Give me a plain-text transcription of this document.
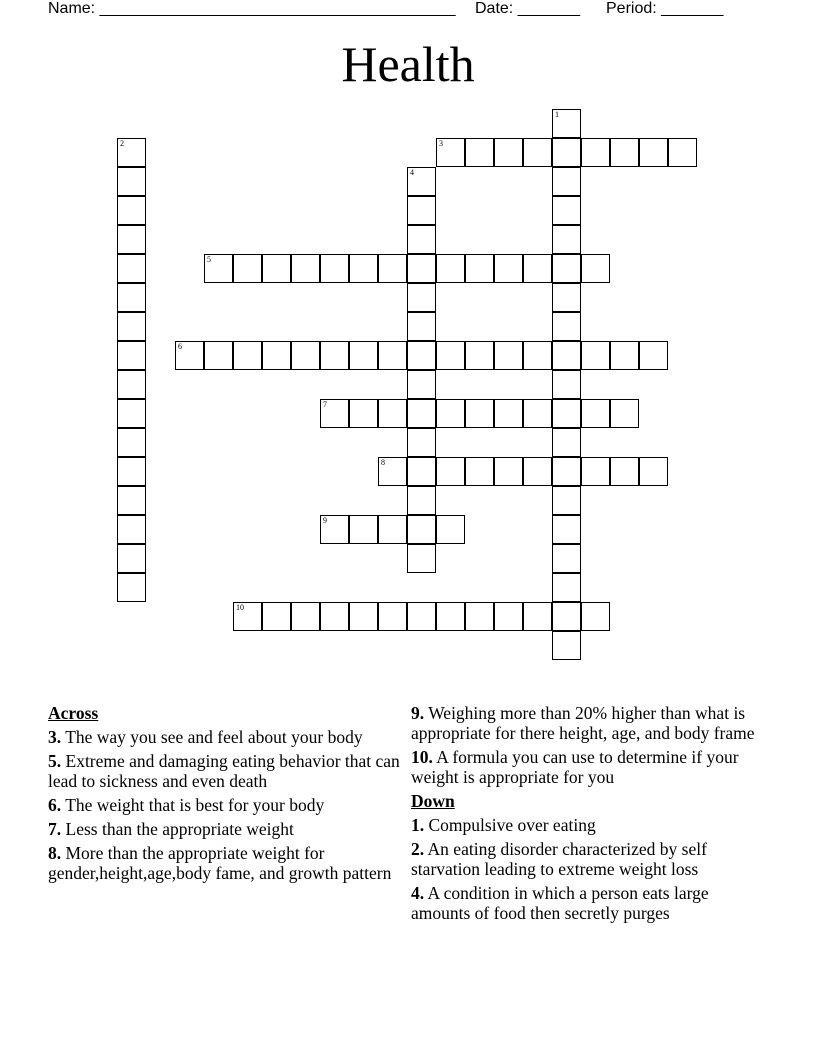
Name: ________________________________________ Date: _______ Period: _______
Health
1
2	3
4
5
6
7
8
9
10
Across
3. The way you see and feel about your body
5. Extreme and damaging eating behavior that can lead to sickness and even death
6. The weight that is best for your body
7. Less than the appropriate weight
8. More than the appropriate weight for gender,height,age,body fame, and growth pattern
9. Weighing more than 20% higher than what is appropriate for there height, age, and body frame
10. A formula you can use to determine if your weight is appropriate for you
Down
1. Compulsive over eating
2. An eating disorder characterized by self starvation leading to extreme weight loss
4. A condition in which a person eats large amounts of food then secretly purges
